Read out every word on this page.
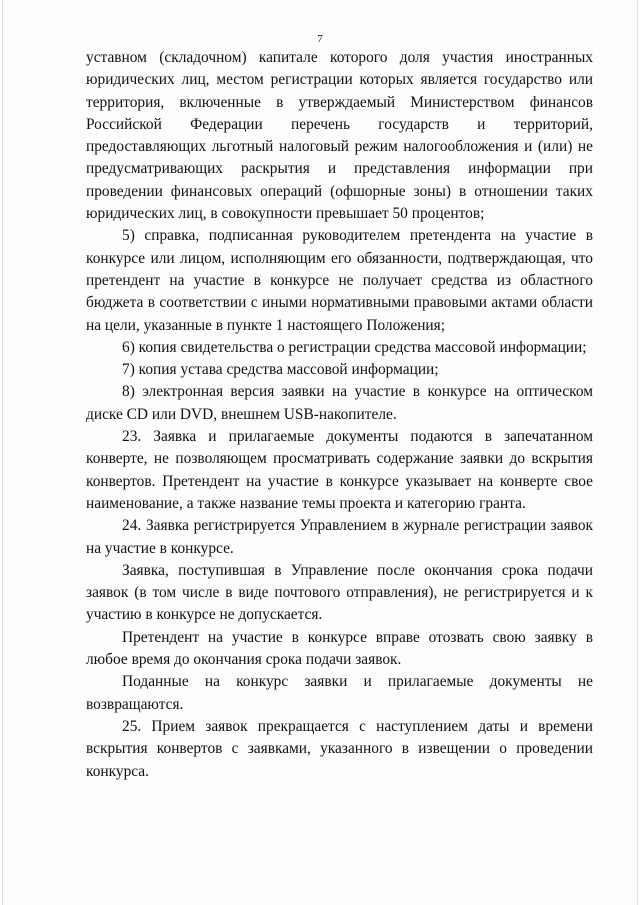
7

уставном (складочном) капитале которого доля участия иностранных юридических лиц, местом регистрации которых является государство или территория, включенные в утверждаемый Министерством финансов Российской Федерации перечень государств и территорий, предоставляющих льготный налоговый режим налогообложения и (или) не предусматривающих раскрытия и представления информации при проведении финансовых операций (офшорные зоны) в отношении таких юридических лиц, в совокупности превышает 50 процентов;

5) справка, подписанная руководителем претендента на участие в конкурсе или лицом, исполняющим его обязанности, подтверждающая, что претендент на участие в конкурсе не получает средства из областного бюджета в соответствии с иными нормативными правовыми актами области на цели, указанные в пункте 1 настоящего Положения;

6) копия свидетельства о регистрации средства массовой информации;

7) копия устава средства массовой информации;

8) электронная версия заявки на участие в конкурсе на оптическом диске CD или DVD, внешнем USB-накопителе.

23. Заявка и прилагаемые документы подаются в запечатанном конверте, не позволяющем просматривать содержание заявки до вскрытия конвертов. Претендент на участие в конкурсе указывает на конверте свое наименование, а также название темы проекта и категорию гранта.

24. Заявка регистрируется Управлением в журнале регистрации заявок на участие в конкурсе.

Заявка, поступившая в Управление после окончания срока подачи заявок (в том числе в виде почтового отправления), не регистрируется и к участию в конкурсе не допускается.

Претендент на участие в конкурсе вправе отозвать свою заявку в любое время до окончания срока подачи заявок.

Поданные на конкурс заявки и прилагаемые документы не возвращаются.

25. Прием заявок прекращается с наступлением даты и времени вскрытия конвертов с заявками, указанного в извещении о проведении конкурса.
